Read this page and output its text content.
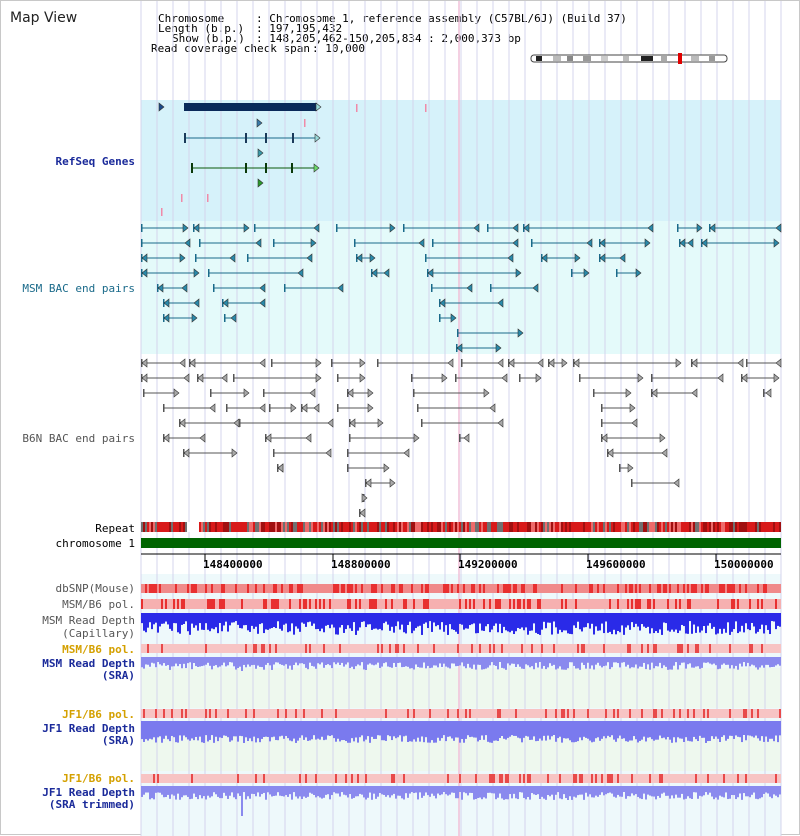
Map View	Chromosome	: Chromosome 1, reference assembly (C57BL/6J) (Build 37)
Length (b.p.) : 197,195,432
Show (b.p.) : 148,205,462-150,205,834 : 2,000,373 bp
Read coverage check span : 10,000
RefSeq Genes
MSM BAC end pairs
B6N BAC end pairs
Repeat
chromosome 1
dbSNP(Mouse)
MSM/B6 pol.
MSM Read Depth
(Capillary)
MSM/B6 pol.
MSM Read Depth
(SRA)
JF1/B6 pol.
JF1 Read Depth
(SRA)
JF1/B6 pol.
JF1 Read Depth
(SRA trimmed)
148400000	148800000	149200000	149600000	150000000
